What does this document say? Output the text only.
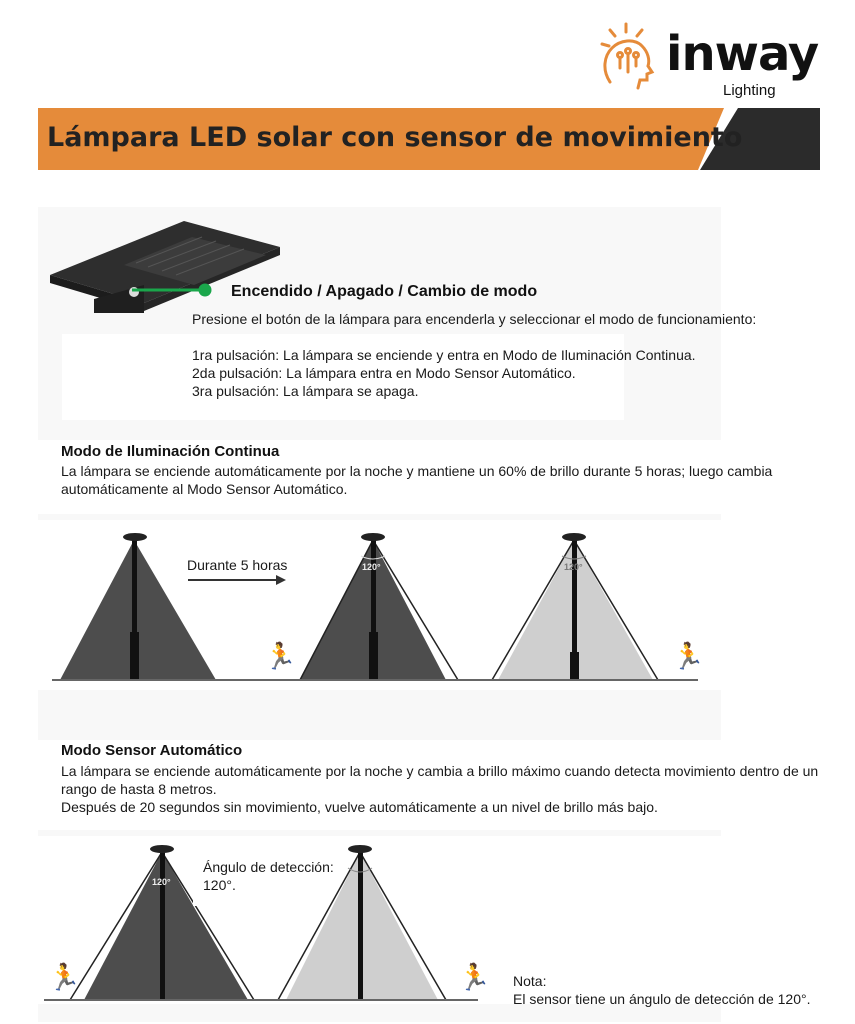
inway
Lighting
Lámpara LED solar con sensor de movimiento
Encendido / Apagado / Cambio de modo
Presione el botón de la lámpara para encenderla y seleccionar el modo de funcionamiento:
1ra pulsación: La lámpara se enciende y entra en Modo de Iluminación Continua.
2da pulsación: La lámpara entra en Modo Sensor Automático.
3ra pulsación: La lámpara se apaga.
Modo de Iluminación Continua
La lámpara se enciende automáticamente por la noche y mantiene un 60% de brillo durante 5 horas; luego cambia automáticamente al Modo Sensor Automático.
Durante 5 horas	120°	120°
🏃	🏃
Modo Sensor Automático
La lámpara se enciende automáticamente por la noche y cambia a brillo máximo cuando detecta movimiento dentro de un rango de hasta 8 metros.
Después de 20 segundos sin movimiento, vuelve automáticamente a un nivel de brillo más bajo.
Ángulo de detección: 120°.
120°
🏃	🏃 Nota:
El sensor tiene un ángulo de detección de 120°.
